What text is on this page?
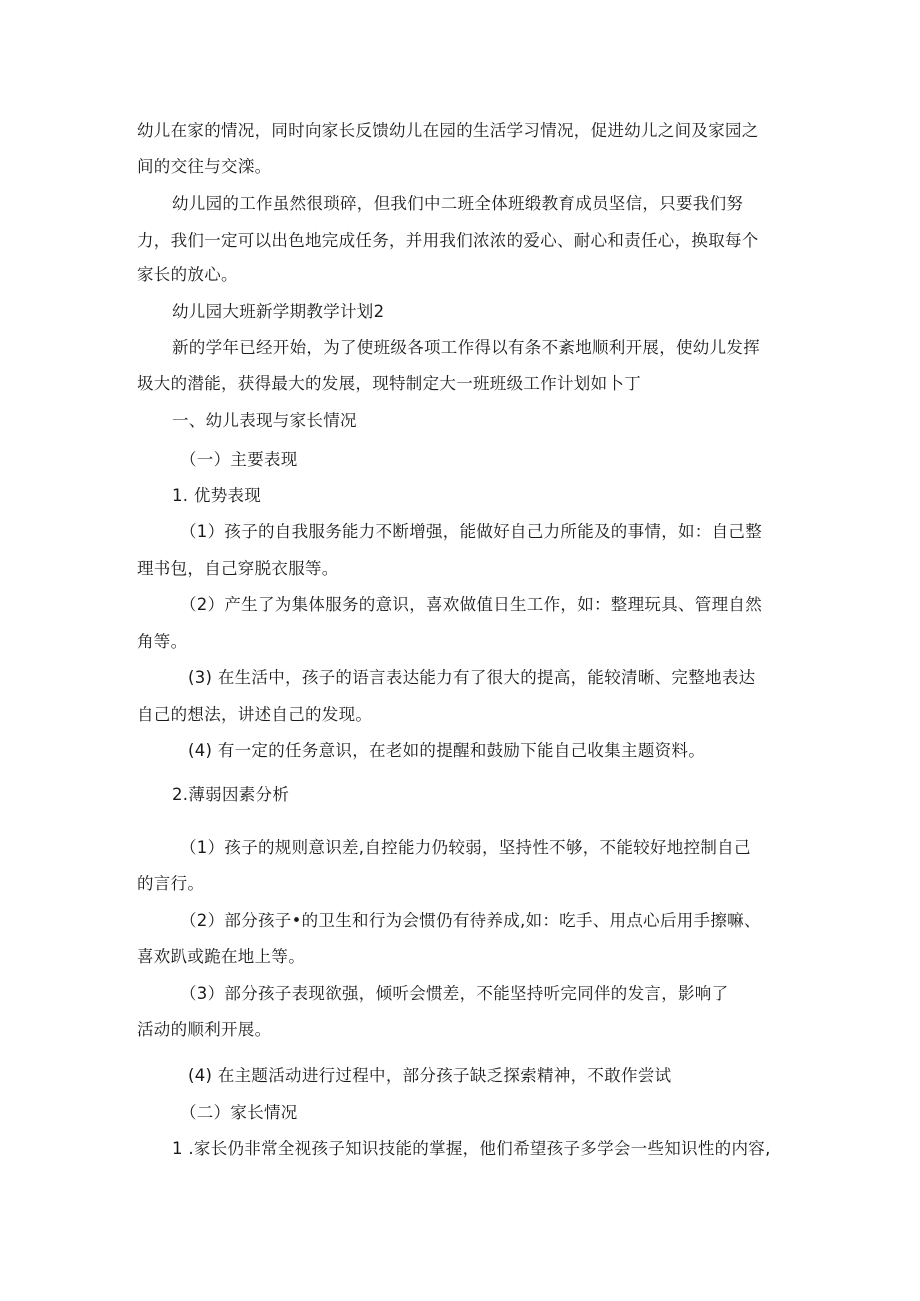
幼儿在家的情况，同时向家长反馈幼儿在园的生活学习情况，促进幼儿之间及家园之
间的交往与交滦。
幼儿园的工作虽然很琐碎，但我们中二班全体班缎教育成员坚信，只要我们努
力，我们一定可以出色地完成任务，并用我们浓浓的爱心、耐心和责任心，换取每个
家长的放心。
幼儿园大班新学期教学计划2
新的学年已经开始，为了使班级各项工作得以有条不紊地顺利开展，使幼儿发挥
圾大的潜能，获得最大的发展，现特制定大一班班级工作计划如卜丁
一、幼儿表现与家长情况
（一）主要表现
1. 优势表现
（1）孩子的自我服务能力不断增强，能做好自己力所能及的事情，如：自己整
理书包，自己穿脱衣服等。
（2）产生了为集体服务的意识，喜欢做值日生工作，如：整理玩具、管理自然
角等。
(3) 在生活中，孩子的语言表达能力有了很大的提高，能较清晰、完整地表达
自己的想法，讲述自己的发现。
(4) 有一定的任务意识，在老如的提醒和鼓励下能自己收集主题资料。
2.薄弱因素分析
（1）孩子的规则意识差,自控能力仍较弱，坚持性不够，不能较好地控制自己
的言行。
（2）部分孩子•的卫生和行为会惯仍有待养成,如：吃手、用点心后用手擦嘛、
喜欢趴或跪在地上等。
（3）部分孩子表现欲强，倾听会惯差，不能坚持听完同伴的发言，影响了
活动的顺利开展。
(4) 在主题活动进行过程中，部分孩子缺乏探索精神，不敢作尝试
（二）家长情况
1 .家长仍非常全视孩子知识技能的掌握，他们希望孩子多学会一些知识性的内容,
